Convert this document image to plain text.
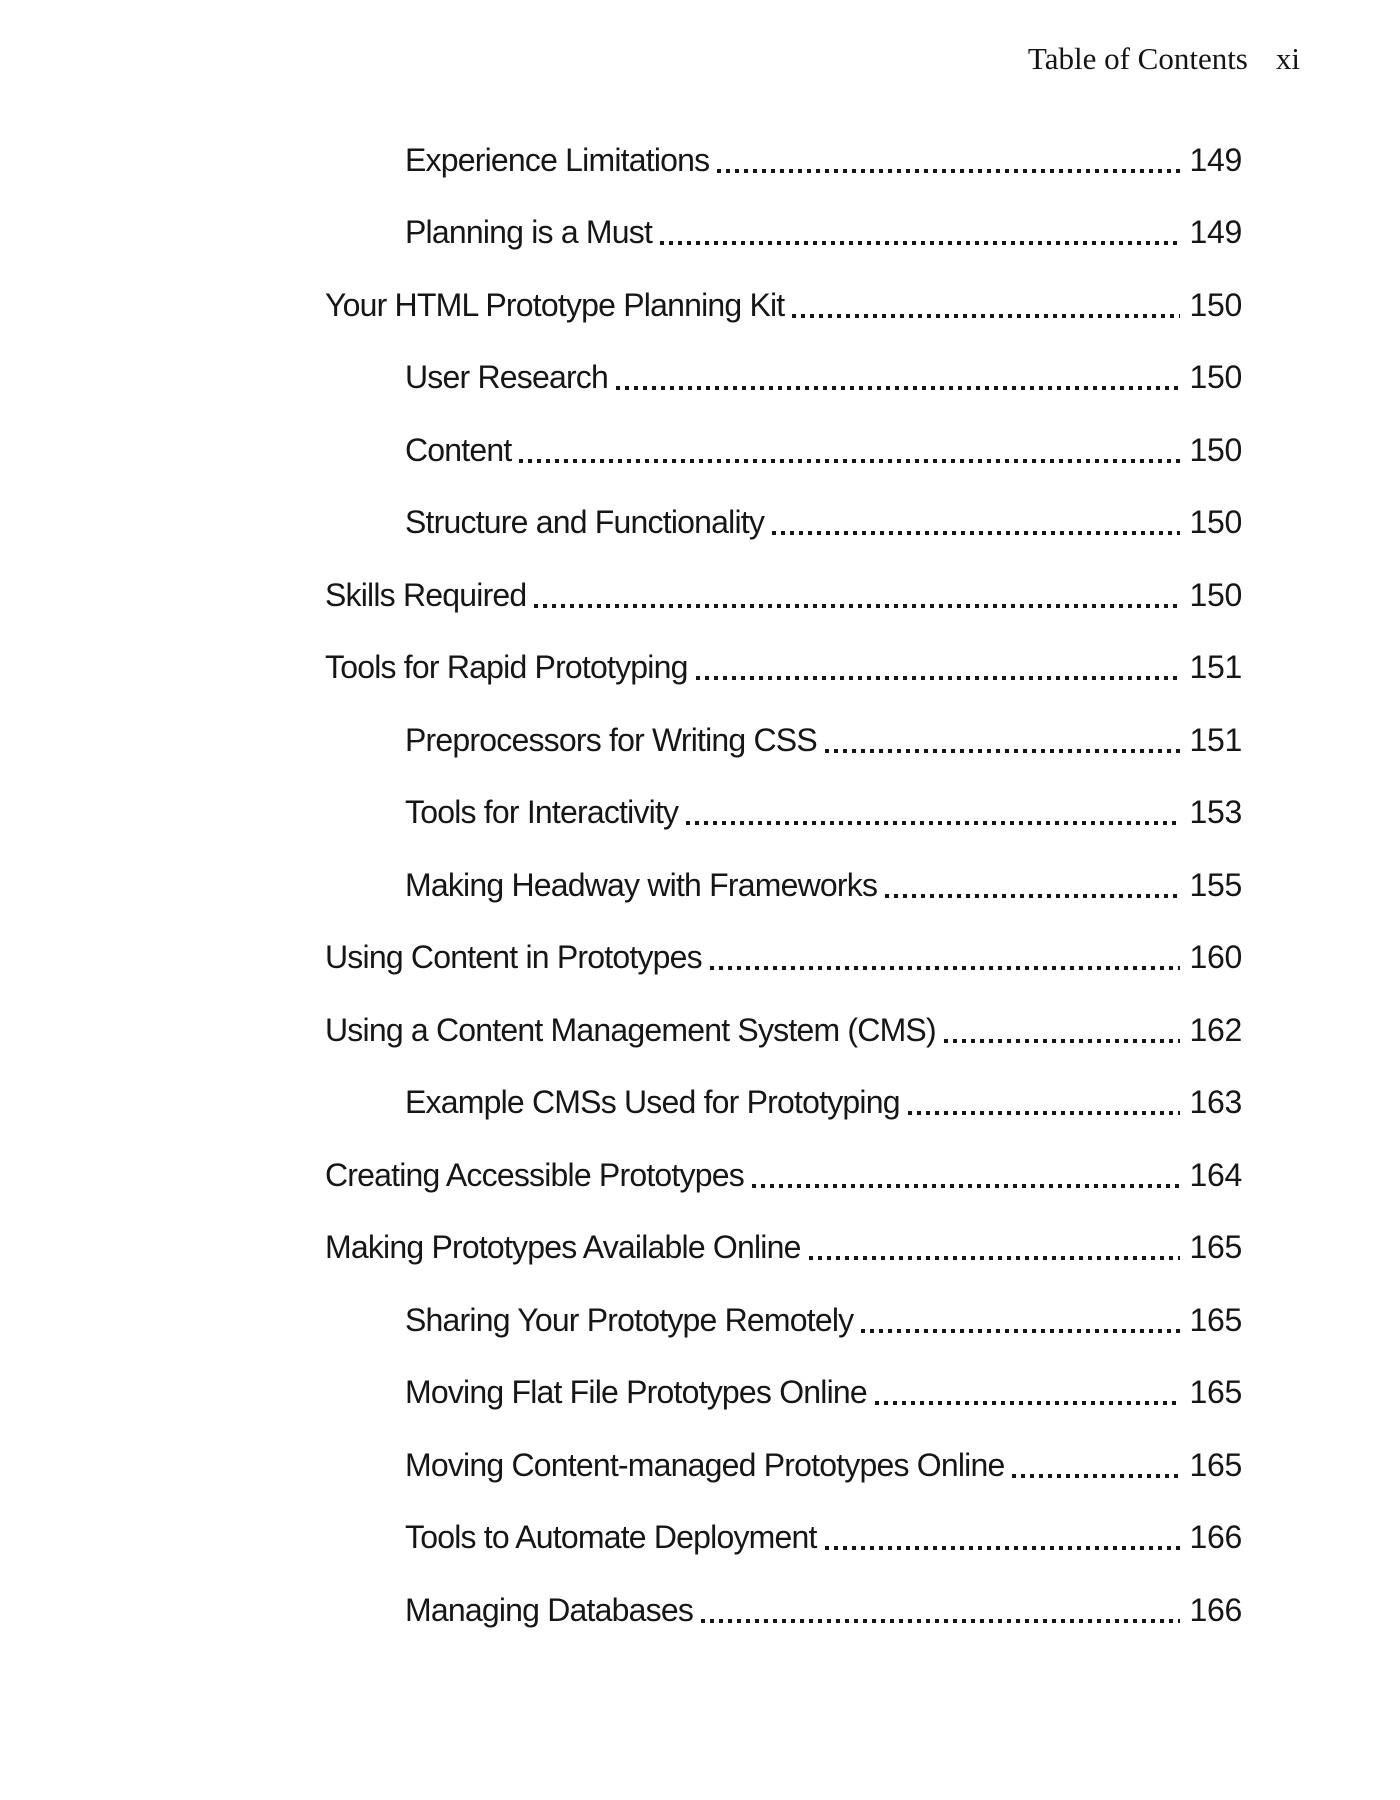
Table of Contents xi
Experience Limitations	149
Planning is a Must	149
Your HTML Prototype Planning Kit	150
User Research	150
Content	150
Structure and Functionality	150
Skills Required	150
Tools for Rapid Prototyping	151
Preprocessors for Writing CSS	151
Tools for Interactivity	153
Making Headway with Frameworks	155
Using Content in Prototypes	160
Using a Content Management System (CMS)	162
Example CMSs Used for Prototyping	163
Creating Accessible Prototypes	164
Making Prototypes Available Online	165
Sharing Your Prototype Remotely	165
Moving Flat File Prototypes Online	165
Moving Content-managed Prototypes Online	165
Tools to Automate Deployment	166
Managing Databases	166
